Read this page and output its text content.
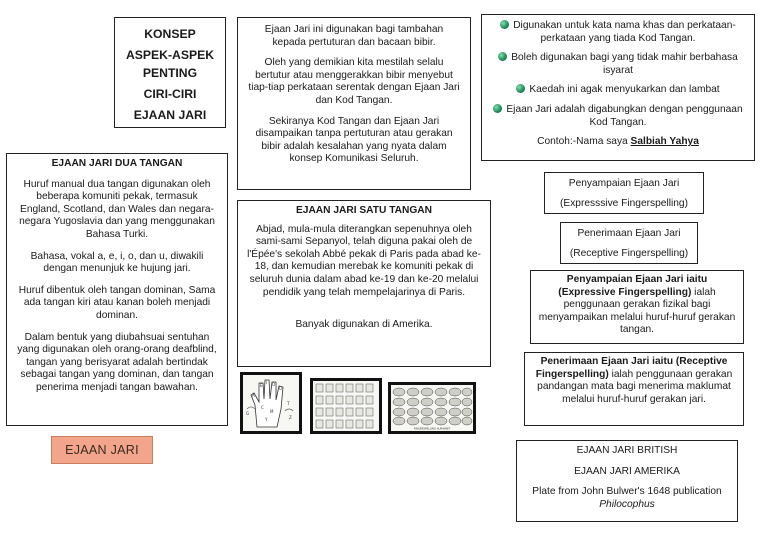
KONSEP
ASPEK-ASPEK PENTING
CIRI-CIRI
EJAAN JARI

Ejaan Jari ini digunakan bagi tambahan kepada pertuturan dan bacaan bibir.

Oleh yang demikian kita mestilah selalu bertutur atau menggerakkan bibir menyebut tiap-tiap perkataan serentak dengan Ejaan Jari dan Kod Tangan.

Sekiranya Kod Tangan dan Ejaan Jari disampaikan tanpa pertuturan atau gerakan bibir adalah kesalahan yang nyata dalam konsep Komunikasi Seluruh.

Digunakan untuk kata nama khas dan perkataan-perkataan yang tiada Kod Tangan.
Boleh digunakan bagi yang tidak mahir berbahasa isyarat
Kaedah ini agak menyukarkan dan lambat
Ejaan Jari adalah digabungkan dengan penggunaan Kod Tangan.
Contoh:-Nama saya Salbiah Yahya
EJAAN JARI DUA TANGAN

Huruf manual dua tangan digunakan oleh beberapa komuniti pekak, termasuk England, Scotland, dan Wales dan negara-negara Yugoslavia dan yang menggunakan Bahasa Turki.

Bahasa, vokal a, e, i, o, dan u, diwakili dengan menunjuk ke hujung jari.

Huruf dibentuk oleh tangan dominan, Sama ada tangan kiri atau kanan boleh menjadi dominan.

Dalam bentuk yang diubahsuai sentuhan yang digunakan oleh orang-orang deafblind, tangan yang berisyarat adalah bertindak sebagai tangan yang dominan, dan tangan penerima menjadi tangan bawahan.

EJAAN JARI SATU TANGAN

Abjad, mula-mula diterangkan sepenuhnya oleh sami-sami Sepanyol, telah diguna pakai oleh de l'Épée's sekolah Abbé pekak di Paris pada abad ke-18, dan kemudian merebak ke komuniti pekak di seluruh dunia dalam abad ke-19 dan ke-20 melalui pendidik yang telah mempelajarinya di Paris.

Banyak digunakan di Amerika.

EJAAN JARI
E
I O
U
A
C
M
Y
G
T
Z
FINGERSPELLING ALPHABET
Penyampaian Ejaan Jari
(Expresssive Fingerspelling)
Penerimaan Ejaan Jari
(Receptive Fingerspelling)
Penyampaian Ejaan Jari iaitu (Expressive Fingerspelling) ialah penggunaan gerakan fizikal bagi menyampaikan melalui huruf-huruf gerakan tangan.
Penerimaan Ejaan Jari iaitu (Receptive Fingerspelling) ialah penggunaan gerakan pandangan mata bagi menerima maklumat melalui huruf-huruf gerakan jari.

EJAAN JARI BRITISH

EJAAN JARI AMERIKA

Plate from John Bulwer's 1648 publication Philocophus
